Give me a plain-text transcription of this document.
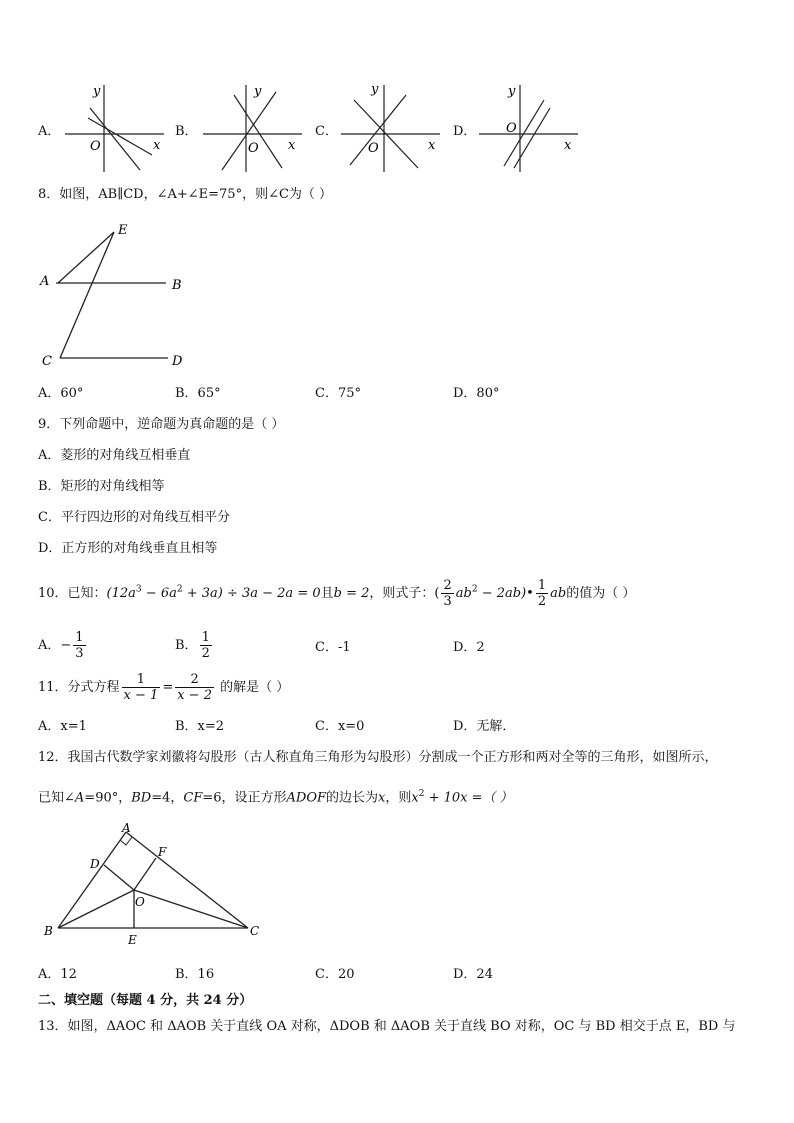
A．
y
x
O
B．
y
x
O
C．
y
x
O
D．
y
x
O
8．如图，AB∥CD，∠A+∠E=75°，则∠C为（ ）
E
A	B
C	D
A．60°	B．65°	C．75°	D．80°
9．下列命题中，逆命题为真命题的是（ ）
A．菱形的对角线互相垂直
B．矩形的对角线相等
C．平行四边形的对角线互相平分
D．正方形的对角线垂直且相等
10．已知：$(12a^3 - 6a^2 + 3a) \div 3a - 2a = 0$且b = 2，则式子：( $\frac{2}{3} ab^2$ − 2ab)• $\frac{1}{2}$ ab的值为（ ）
A．− $\frac{1}{3}$	B． $\frac{1}{2}$	C．-1	D．2
11．分式方程 $\frac{1}{x - 1} = \frac{2}{x - 2}$ 的解是（ ）
A．x=1	B．x=2	C．x=0	D．无解．
12．我国古代数学家刘徽将勾股形（古人称直角三角形为勾股形）分割成一个正方形和两对全等的三角形，如图所示，
已知∠A=90°，BD=4，CF=6，设正方形ADOF的边长为x，则$x^2 + 10x$ =（ ）
A
D
F
O
B
E
C
A．12	B．16	C．20	D．24
二、填空题（每题 4 分，共 24 分）
13．如图，ΔAOC 和 ΔAOB 关于直线 OA 对称，ΔDOB 和 ΔAOB 关于直线 BO 对称，OC 与 BD 相交于点 E，BD 与
